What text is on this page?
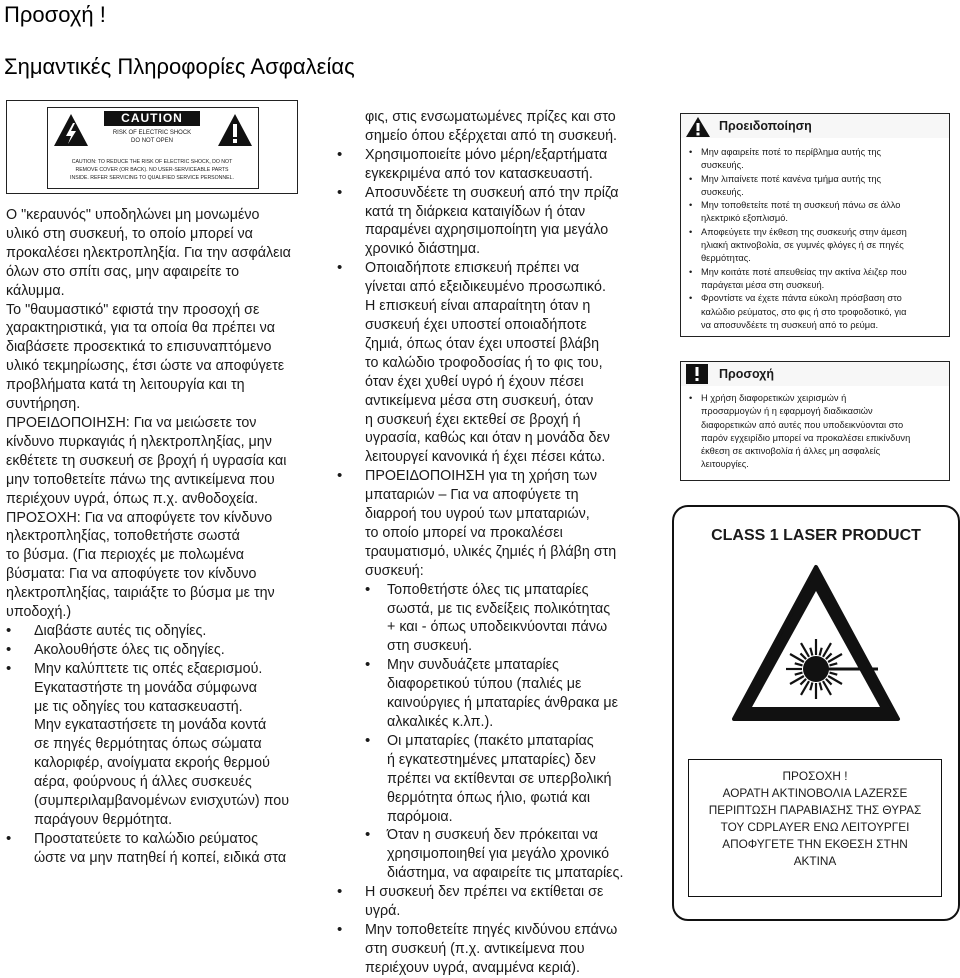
Προσοχή !
Σημαντικές Πληροφορίες Ασφαλείας
CAUTION
RISK OF ELECTRIC SHOCK
DO NOT OPEN
CAUTION: TO REDUCE THE RISK OF ELECTRIC SHOCK, DO NOT
REMOVE COVER (OR BACK). NO USER-SERVICEABLE PARTS
INSIDE. REFER SERVICING TO QUALIFIED SERVICE PERSONNEL.

Ο "κεραυνός" υποδηλώνει μη μονωμένο
υλικό στη συσκευή, το οποίο μπορεί να
προκαλέσει ηλεκτροπληξία. Για την ασφάλεια
όλων στο σπίτι σας, μην αφαιρείτε το
κάλυμμα.

Το "θαυμαστικό" εφιστά την προσοχή σε
χαρακτηριστικά, για τα οποία θα πρέπει να
διαβάσετε προσεκτικά το επισυναπτόμενο
υλικό τεκμηρίωσης, έτσι ώστε να αποφύγετε
προβλήματα κατά τη λειτουργία και τη
συντήρηση.

ΠΡΟΕΙΔΟΠΟΙΗΣΗ: Για να μειώσετε τον
κίνδυνο πυρκαγιάς ή ηλεκτροπληξίας, μην
εκθέτετε τη συσκευή σε βροχή ή υγρασία και
μην τοποθετείτε πάνω της αντικείμενα που
περιέχουν υγρά, όπως π.χ. ανθοδοχεία.

ΠΡΟΣΟΧΗ: Για να αποφύγετε τον κίνδυνο
ηλεκτροπληξίας, τοποθετήστε σωστά
το βύσμα. (Για περιοχές με πολωμένα
βύσματα: Για να αποφύγετε τον κίνδυνο
ηλεκτροπληξίας, ταιριάξτε το βύσμα με την
υποδοχή.)

• Διαβάστε αυτές τις οδηγίες.
• Ακολουθήστε όλες τις οδηγίες.
• Μην καλύπτετε τις οπές εξαερισμού.
Εγκαταστήστε τη μονάδα σύμφωνα
με τις οδηγίες του κατασκευαστή.
Μην εγκαταστήσετε τη μονάδα κοντά
σε πηγές θερμότητας όπως σώματα
καλοριφέρ, ανοίγματα εκροής θερμού
αέρα, φούρνους ή άλλες συσκευές
(συμπεριλαμβανομένων ενισχυτών) που
παράγουν θερμότητα.
• Προστατεύετε το καλώδιο ρεύματος
ώστε να μην πατηθεί ή κοπεί, ειδικά στα

φις, στις ενσωματωμένες πρίζες και στο
σημείο όπου εξέρχεται από τη συσκευή.

• Χρησιμοποιείτε μόνο μέρη/εξαρτήματα
εγκεκριμένα από τον κατασκευαστή.
• Αποσυνδέετε τη συσκευή από την πρίζα
κατά τη διάρκεια καταιγίδων ή όταν
παραμένει αχρησιμοποίητη για μεγάλο
χρονικό διάστημα.
• Οποιαδήποτε επισκευή πρέπει να
γίνεται από εξειδικευμένο προσωπικό.
Η επισκευή είναι απαραίτητη όταν η
συσκευή έχει υποστεί οποιαδήποτε
ζημιά, όπως όταν έχει υποστεί βλάβη
το καλώδιο τροφοδοσίας ή το φις του,
όταν έχει χυθεί υγρό ή έχουν πέσει
αντικείμενα μέσα στη συσκευή, όταν
η συσκευή έχει εκτεθεί σε βροχή ή
υγρασία, καθώς και όταν η μονάδα δεν
λειτουργεί κανονικά ή έχει πέσει κάτω.
• ΠΡΟΕΙΔΟΠΟΙΗΣΗ για τη χρήση των
μπαταριών – Για να αποφύγετε τη
διαρροή του υγρού των μπαταριών,
το οποίο μπορεί να προκαλέσει
τραυματισμό, υλικές ζημιές ή βλάβη στη
συσκευή:
• Τοποθετήστε όλες τις μπαταρίες
σωστά, με τις ενδείξεις πολικότητας
+ και - όπως υποδεικνύονται πάνω
στη συσκευή.
• Μην συνδυάζετε μπαταρίες
διαφορετικού τύπου (παλιές με
καινούργιες ή μπαταρίες άνθρακα με
αλκαλικές κ.λπ.).
• Οι μπαταρίες (πακέτο μπαταρίας
ή εγκατεστημένες μπαταρίες) δεν
πρέπει να εκτίθενται σε υπερβολική
θερμότητα όπως ήλιο, φωτιά και
παρόμοια.
• Όταν η συσκευή δεν πρόκειται να
χρησιμοποιηθεί για μεγάλο χρονικό
διάστημα, να αφαιρείτε τις μπαταρίες.
• Η συσκευή δεν πρέπει να εκτίθεται σε
υγρά.
• Μην τοποθετείτε πηγές κινδύνου επάνω
στη συσκευή (π.χ. αντικείμενα που
περιέχουν υγρά, αναμμένα κεριά).
Προειδοποίηση
• Μην αφαιρείτε ποτέ το περίβλημα αυτής της
συσκευής.
• Μην λιπαίνετε ποτέ κανένα τμήμα αυτής της
συσκευής.
• Μην τοποθετείτε ποτέ τη συσκευή πάνω σε άλλο
ηλεκτρικό εξοπλισμό.
• Αποφεύγετε την έκθεση της συσκευής στην άμεση
ηλιακή ακτινοβολία, σε γυμνές φλόγες ή σε πηγές
θερμότητας.
• Μην κοιτάτε ποτέ απευθείας την ακτίνα λέιζερ που
παράγεται μέσα στη συσκευή.
• Φροντίστε να έχετε πάντα εύκολη πρόσβαση στο
καλώδιο ρεύματος, στο φις ή στο τροφοδοτικό, για
να αποσυνδέετε τη συσκευή από το ρεύμα.
Προσοχή
• Η χρήση διαφορετικών χειρισμών ή
προσαρμογών ή η εφαρμογή διαδικασιών
διαφορετικών από αυτές που υποδεικνύονται στο
παρόν εγχειρίδιο μπορεί να προκαλέσει επικίνδυνη
έκθεση σε ακτινοβολία ή άλλες μη ασφαλείς
λειτουργίες.
CLASS 1 LASER PRODUCT
ΠΡΟΣΟΧΗ !
ΑΟΡΑΤΗ ΑΚΤΙΝΟΒΟΛΙΑ LAZERΣΕ
ΠΕΡΙΠΤΩΣΗ ΠΑΡΑΒΙΑΣΗΣ ΤΗΣ ΘΥΡΑΣ
ΤΟΥ CDPLAYER ΕΝΩ ΛΕΙΤΟΥΡΓΕΙ
ΑΠΟΦΥΓΕΤΕ ΤΗΝ ΕΚΘΕΣΗ ΣΤΗΝ
ΑΚΤΙΝΑ
